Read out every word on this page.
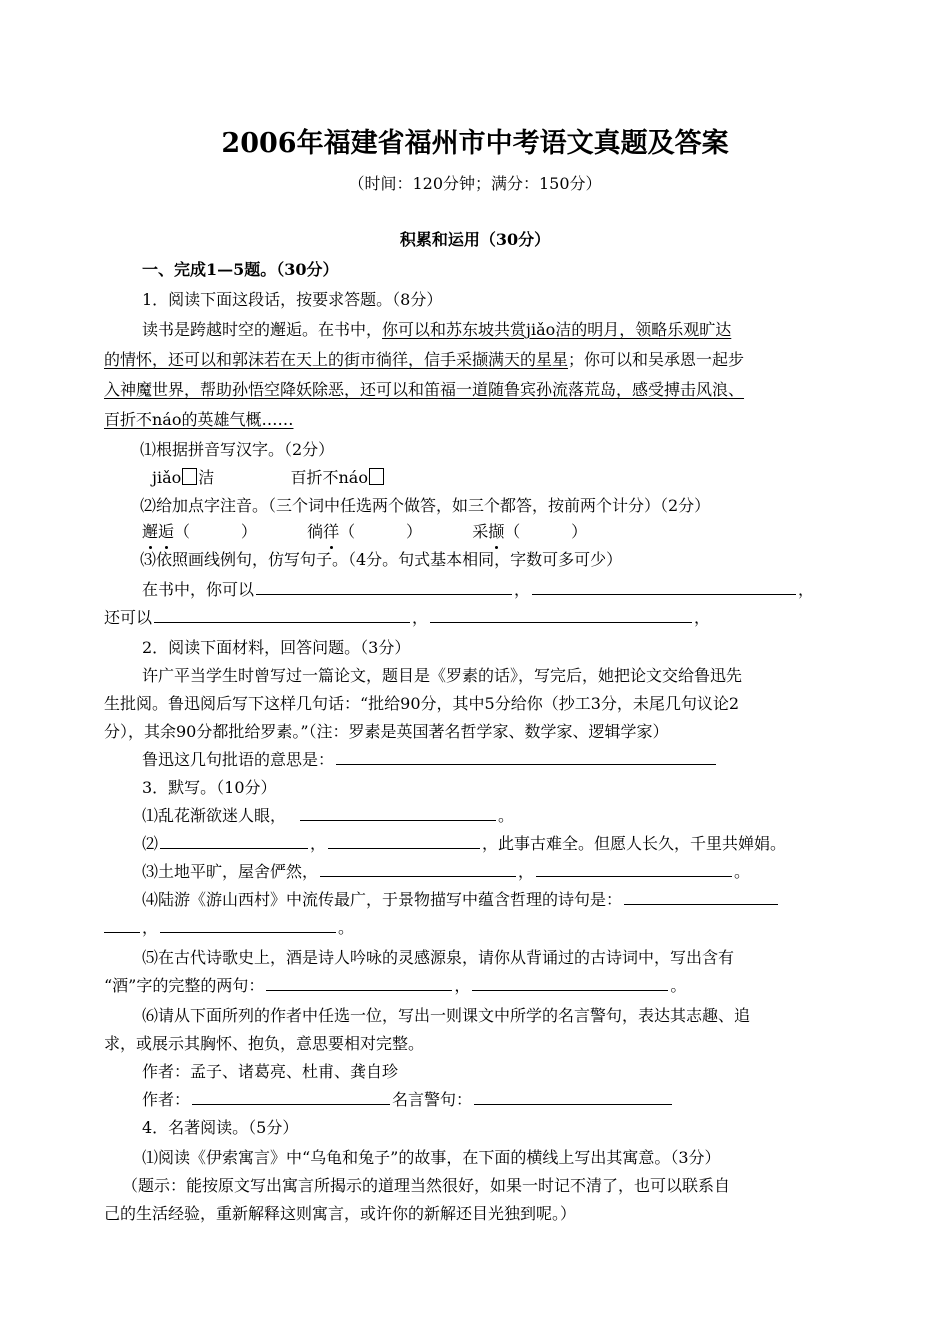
2006年福建省福州市中考语文真题及答案
（时间：120分钟；满分：150分）
积累和运用（30分）
一、完成1—5题。（30分）
1．阅读下面这段话，按要求答题。（8分）
读书是跨越时空的邂逅。在书中，你可以和苏东坡共赏jiǎo洁的明月，领略乐观旷达
的情怀，还可以和郭沫若在天上的街市徜徉，信手采撷满天的星星；你可以和吴承恩一起步
入神魔世界，帮助孙悟空降妖除恶，还可以和笛福一道随鲁宾孙流落荒岛，感受搏击风浪、
百折不náo的英雄气概……
⑴根据拼音写汉字。（2分）
jiǎo 洁	百折不náo
⑵给加点字注音。（三个词中任选两个做答，如三个都答，按前两个计分）（2分）
邂逅（          ）	徜徉（          ）	采撷（          ）
⑶依照画线例句，仿写句子。（4分。句式基本相同，字数可多可少）
在书中，你可以	，	，
还可以	，	，
2．阅读下面材料，回答问题。（3分）
许广平当学生时曾写过一篇论文，题目是《罗素的话》，写完后，她把论文交给鲁迅先
生批阅。鲁迅阅后写下这样几句话：“批给90分，其中5分给你（抄工3分，未尾几句议论2
分），其余90分都批给罗素。”（注：罗素是英国著名哲学家、数学家、逻辑学家）
鲁迅这几句批语的意思是：
3．默写。（10分）
⑴乱花渐欲迷人眼，	。
⑵	，	，此事古难全。但愿人长久，千里共婵娟。
⑶土地平旷，屋舍俨然，	，	。
⑷陆游《游山西村》中流传最广，于景物描写中蕴含哲理的诗句是：
，	。
⑸在古代诗歌史上，酒是诗人吟咏的灵感源泉，请你从背诵过的古诗词中，写出含有
“酒”字的完整的两句：	，	。
⑹请从下面所列的作者中任选一位，写出一则课文中所学的名言警句，表达其志趣、追
求，或展示其胸怀、抱负，意思要相对完整。
作者：孟子、诸葛亮、杜甫、龚自珍
作者：	名言警句：
4．名著阅读。（5分）
⑴阅读《伊索寓言》中“乌龟和兔子”的故事，在下面的横线上写出其寓意。（3分）
（题示：能按原文写出寓言所揭示的道理当然很好，如果一时记不清了，也可以联系自
己的生活经验，重新解释这则寓言，或许你的新解还目光独到呢。）
